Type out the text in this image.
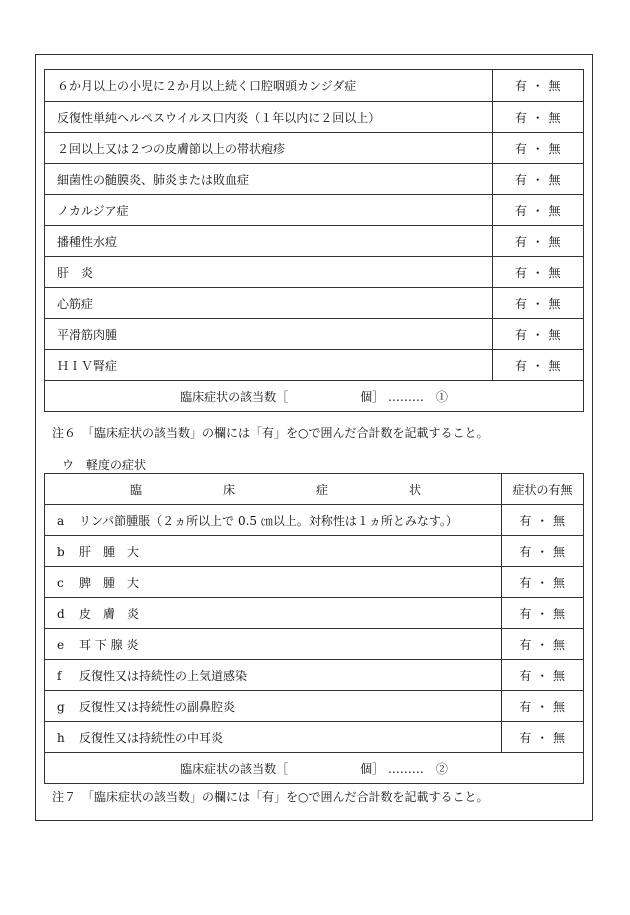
６か月以上の小児に２か月以上続く口腔咽頭カンジダ症	有 ・ 無
反復性単純ヘルペスウイルス口内炎（１年以内に２回以上）	有 ・ 無
２回以上又は２つの皮膚節以上の帯状疱疹	有 ・ 無
細菌性の髄膜炎、肺炎または敗血症	有 ・ 無
ノカルジア症	有 ・ 無
播種性水痘	有 ・ 無
肝　炎	有 ・ 無
心筋症	有 ・ 無
平滑筋肉腫	有 ・ 無
ＨＩＶ腎症	有 ・ 無
臨床症状の該当数［　　　　　　個］ ………　①	
注６　「臨床症状の該当数」の欄には「有」を○で囲んだ合計数を記載すること。
ウ　軽度の症状
臨 床 症 状	症状の有無
a リンパ節腫脹（２ヵ所以上で 0.5 ㎝以上。対称性は１ヵ所とみなす。）	有 ・ 無
b 肝　腫　大	有 ・ 無
c 脾　腫　大	有 ・ 無
d 皮　膚　炎	有 ・ 無
e 耳 下 腺 炎	有 ・ 無
f 反復性又は持続性の上気道感染	有 ・ 無
g 反復性又は持続性の副鼻腔炎	有 ・ 無
h 反復性又は持続性の中耳炎	有 ・ 無
臨床症状の該当数［　　　　　　個］ ………　②	
注７　「臨床症状の該当数」の欄には「有」を○で囲んだ合計数を記載すること。
